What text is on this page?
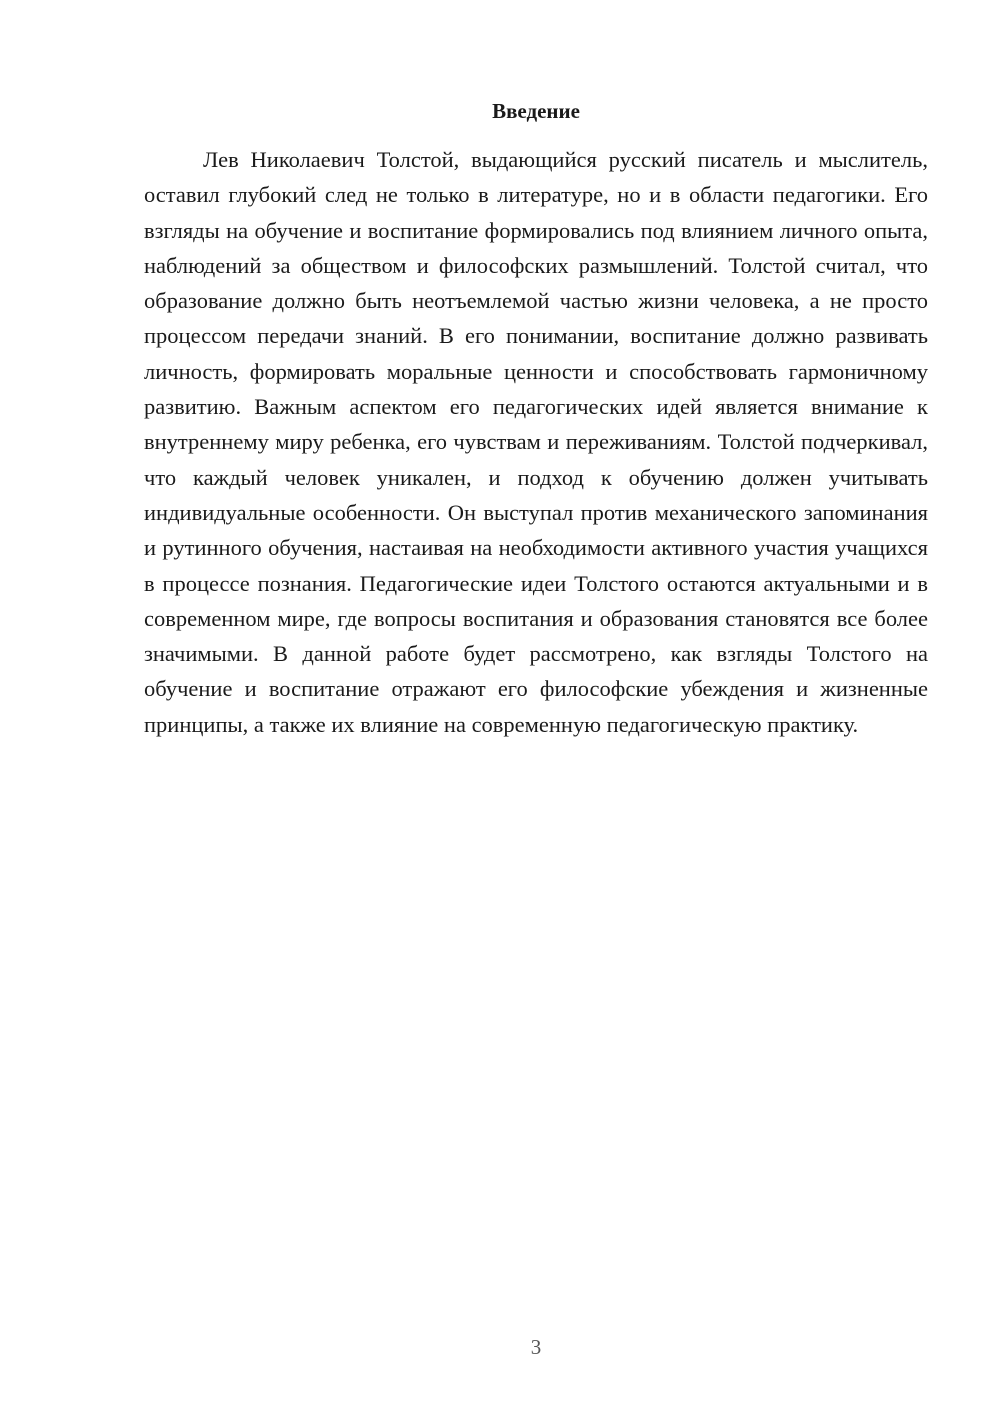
Введение

Лев Николаевич Толстой, выдающийся русский писатель и мыслитель, оставил глубокий след не только в литературе, но и в области педагогики. Его взгляды на обучение и воспитание формировались под влиянием личного опыта, наблюдений за обществом и философских размышлений. Толстой считал, что образование должно быть неотъемлемой частью жизни человека, а не просто процессом передачи знаний. В его понимании, воспитание должно развивать личность, формировать моральные ценности и способствовать гармоничному развитию. Важным аспектом его педагогических идей является внимание к внутреннему миру ребенка, его чувствам и переживаниям. Толстой подчеркивал, что каждый человек уникален, и подход к обучению должен учитывать индивидуальные особенности. Он выступал против механического запоминания и рутинного обучения, настаивая на необходимости активного участия учащихся в процессе познания. Педагогические идеи Толстого остаются актуальными и в современном мире, где вопросы воспитания и образования становятся все более значимыми. В данной работе будет рассмотрено, как взгляды Толстого на обучение и воспитание отражают его философские убеждения и жизненные принципы, а также их влияние на современную педагогическую практику.

3
